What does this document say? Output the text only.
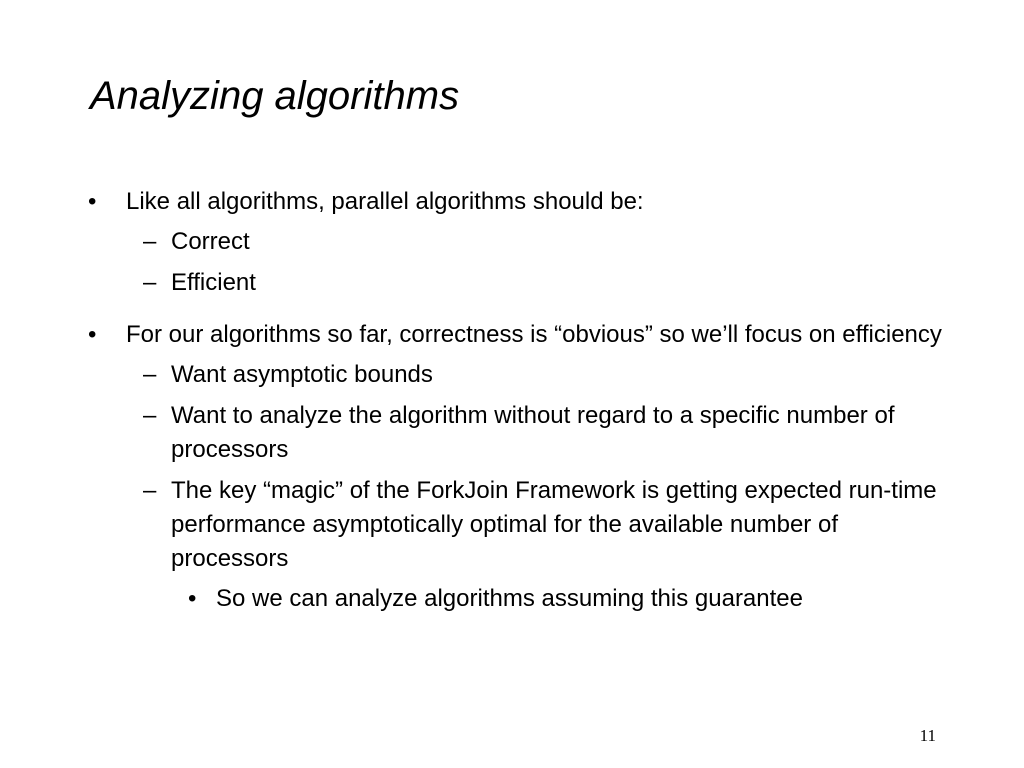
Analyzing algorithms
• Like all algorithms, parallel algorithms should be:
– Correct
– Efficient
• For our algorithms so far, correctness is “obvious” so we’ll focus on efficiency
– Want asymptotic bounds
– Want to analyze the algorithm without regard to a specific number of processors
– The key “magic” of the ForkJoin Framework is getting expected run-time performance asymptotically optimal for the available number of processors
• So we can analyze algorithms assuming this guarantee
11
